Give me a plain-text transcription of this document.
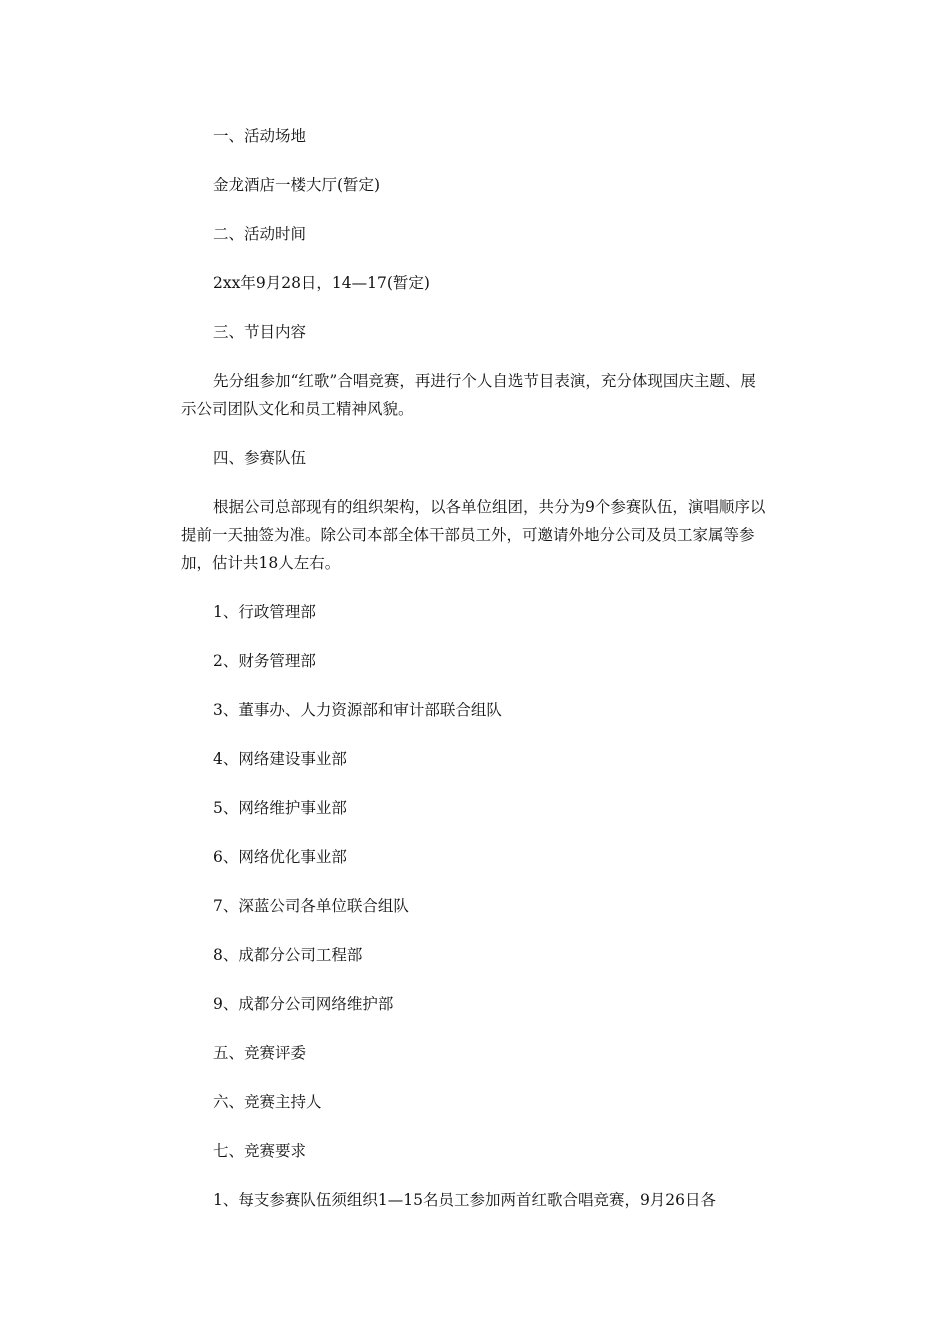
一、活动场地

金龙酒店一楼大厅(暂定)

二、活动时间

2xx年9月28日，14—17(暂定)

三、节目内容

先分组参加“红歌”合唱竞赛，再进行个人自选节目表演，充分体现国庆主题、展示公司团队文化和员工精神风貌。

四、参赛队伍

根据公司总部现有的组织架构，以各单位组团，共分为9个参赛队伍，演唱顺序以提前一天抽签为准。除公司本部全体干部员工外，可邀请外地分公司及员工家属等参加，估计共18人左右。

1、行政管理部

2、财务管理部

3、董事办、人力资源部和审计部联合组队

4、网络建设事业部

5、网络维护事业部

6、网络优化事业部

7、深蓝公司各单位联合组队

8、成都分公司工程部

9、成都分公司网络维护部

五、竞赛评委

六、竞赛主持人

七、竞赛要求

1、每支参赛队伍须组织1—15名员工参加两首红歌合唱竞赛，9月26日各
